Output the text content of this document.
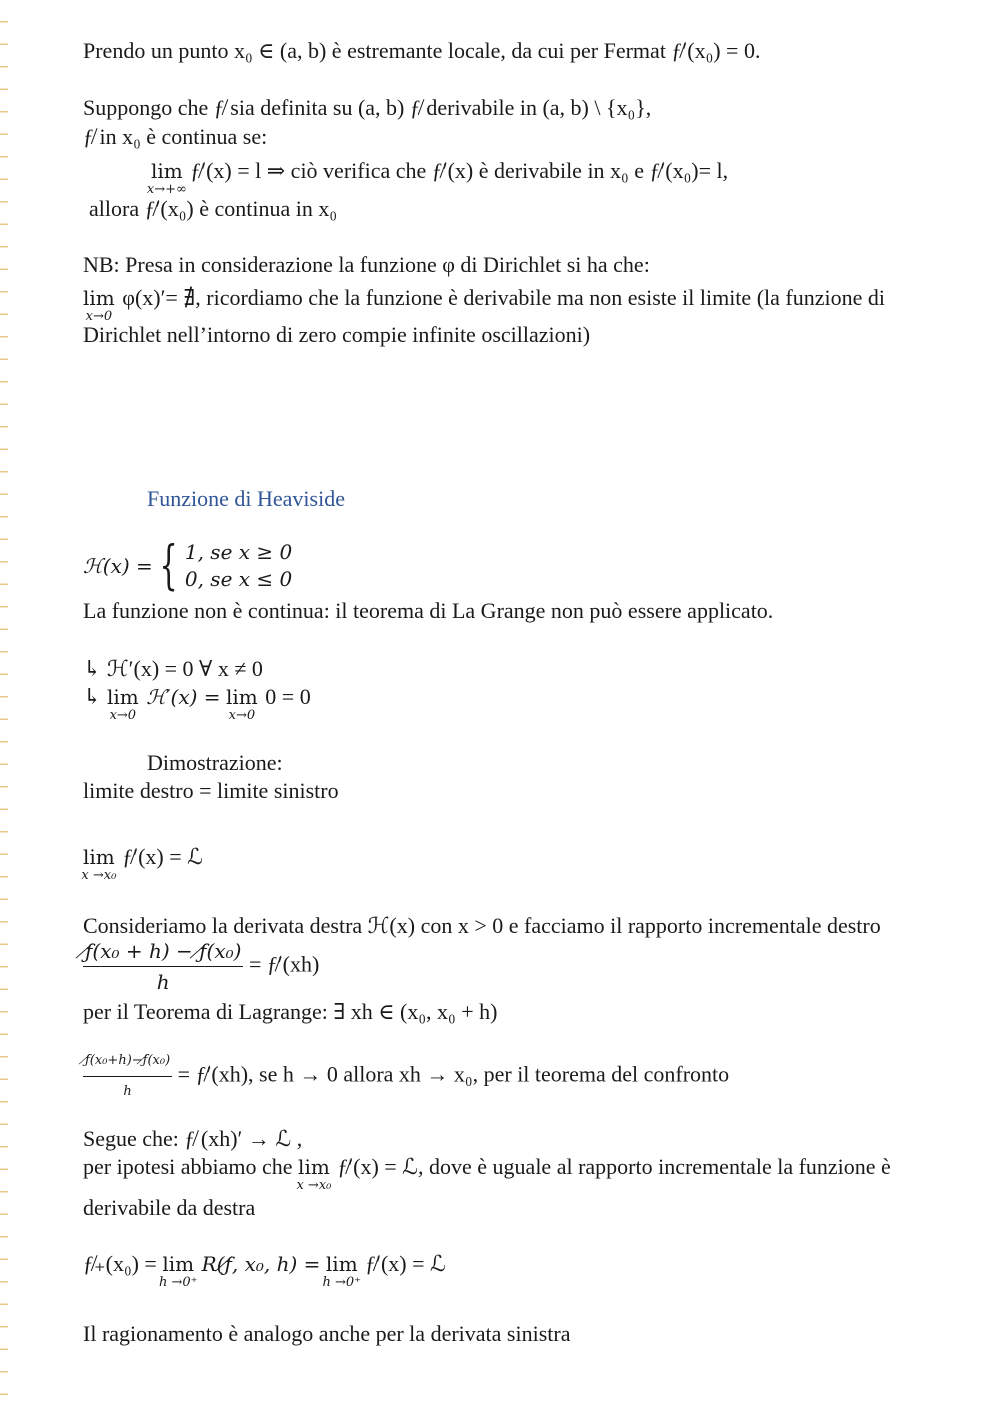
Prendo un punto x₀ ∈ (a, b) è estremante locale, da cui per Fermat ƒ̸′(x₀) = 0.
Suppongo che ƒ̸ sia definita su (a, b) ƒ̸ derivabile in (a, b) \ {x₀},
ƒ̸ in x₀ è continua se:
lim
x→+∞
ƒ̸′(x) = l ⇒ ciò verifica che ƒ̸′(x) è derivabile in x₀ e ƒ̸′(x₀)= l,
allora ƒ̸′(x₀) è continua in x₀
NB: Presa in considerazione la funzione φ di Dirichlet si ha che:
lim
x→0
φ(x)′= ∄, ricordiamo che la funzione è derivabile ma non esiste il limite (la funzione di
Dirichlet nell’intorno di zero compie infinite oscillazioni)
Funzione di Heaviside
ℋ(x) = { 1, se x ≥ 0
0, se x ≤ 0
La funzione non è continua: il teorema di La Grange non può essere applicato.
↳ ℋ′(x) = 0 ∀ x ≠ 0
↳ lim
x→0
ℋ′(x) = lim
x→0
0 = 0
Dimostrazione:
limite destro = limite sinistro
lim
x →x₀
ƒ̸′(x) = ℒ
Consideriamo la derivata destra ℋ(x) con x > 0 e facciamo il rapporto incrementale destro
$\frac{\text{ƒ̸(x₀ + h) − ƒ̸(x₀)}}{h}$ = ƒ̸′(xh)
per il Teorema di Lagrange: ∃ xh ∈ (x₀, x₀ + h)
$\frac{\text{ƒ̸(x₀+h)−ƒ̸(x₀)}}{h}$ = ƒ̸′(xh), se h → 0 allora xh → x₀, per il teorema del confronto
Segue che: ƒ̸ (xh)′ → ℒ ,
per ipotesi abbiamo che lim
x →x₀
ƒ̸′(x) = ℒ, dove è uguale al rapporto incrementale la funzione è
derivabile da destra
ƒ̸₊(x₀) = lim
h →0⁺
R(ƒ̸, x₀, h) = lim
h →0⁺
ƒ̸′(x) = ℒ
Il ragionamento è analogo anche per la derivata sinistra
